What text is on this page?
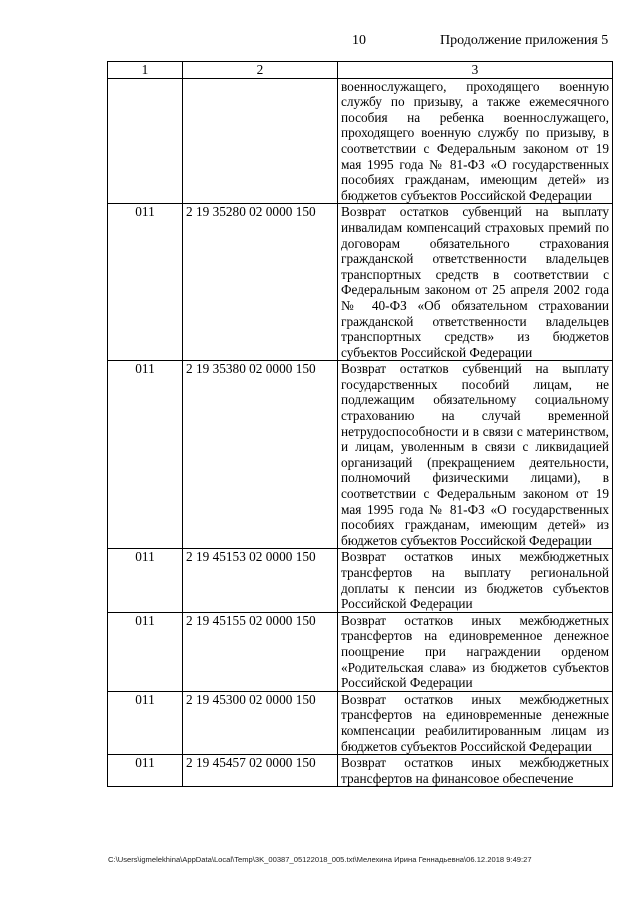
10	Продолжение приложения 5
1	2	3
		военнослужащего, проходящего военную службу по призыву, а также ежемесячного пособия на ребенка военнослужащего, проходящего военную службу по призыву, в соответствии с Федеральным законом от 19 мая 1995 года № 81-ФЗ «О государственных пособиях гражданам, имеющим детей» из бюджетов субъектов Российской Федерации
011	2 19 35280 02 0000 150	Возврат остатков субвенций на выплату инвалидам компенсаций страховых премий по договорам обязательного страхования гражданской ответственности владельцев транспортных средств в соответствии с Федеральным законом от 25 апреля 2002 года № 40-ФЗ «Об обязательном страховании гражданской ответственности владельцев транспортных средств» из бюджетов субъектов Российской Федерации
011	2 19 35380 02 0000 150	Возврат остатков субвенций на выплату государственных пособий лицам, не подлежащим обязательному социальному страхованию на случай временной нетрудоспособности и в связи с материнством, и лицам, уволенным в связи с ликвидацией организаций (прекращением деятельности, полномочий физическими лицами), в соответствии с Федеральным законом от 19 мая 1995 года № 81-ФЗ «О государственных пособиях гражданам, имеющим детей» из бюджетов субъектов Российской Федерации
011	2 19 45153 02 0000 150	Возврат остатков иных межбюджетных трансфертов на выплату региональной доплаты к пенсии из бюджетов субъектов Российской Федерации
011	2 19 45155 02 0000 150	Возврат остатков иных межбюджетных трансфертов на единовременное денежное поощрение при награждении орденом «Родительская слава» из бюджетов субъектов Российской Федерации
011	2 19 45300 02 0000 150	Возврат остатков иных межбюджетных трансфертов на единовременные денежные компенсации реабилитированным лицам из бюджетов субъектов Российской Федерации
011	2 19 45457 02 0000 150	Возврат остатков иных межбюджетных трансфертов на финансовое обеспечение
C:\Users\igmelekhina\AppData\Local\Temp\3K_00387_05122018_005.txt\Мелехина Ирина Геннадьевна\06.12.2018 9:49:27
